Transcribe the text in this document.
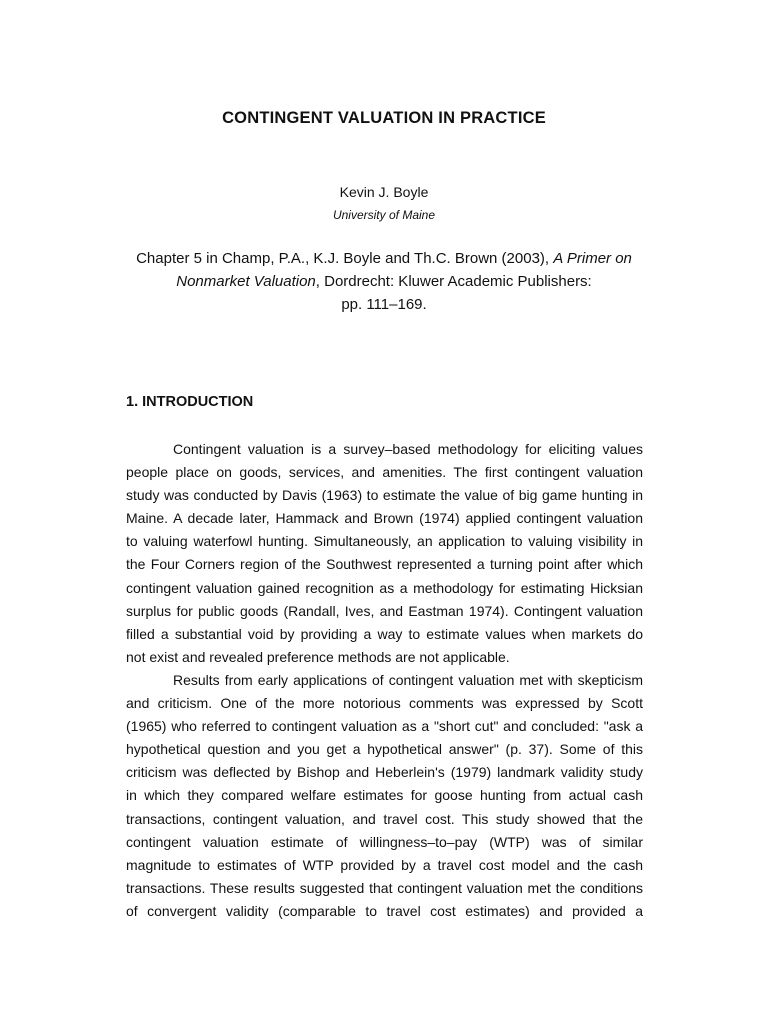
CONTINGENT VALUATION IN PRACTICE
Kevin J. Boyle
University of Maine
Chapter 5 in Champ, P.A., K.J. Boyle and Th.C. Brown (2003), A Primer on
Nonmarket Valuation, Dordrecht: Kluwer Academic Publishers:
pp. 111–169.
1. INTRODUCTION
Contingent valuation is a survey–based methodology for eliciting values
people place on goods, services, and amenities. The first contingent valuation
study was conducted by Davis (1963) to estimate the value of big game hunting in
Maine. A decade later, Hammack and Brown (1974) applied contingent valuation
to valuing waterfowl hunting. Simultaneously, an application to valuing visibility in
the Four Corners region of the Southwest represented a turning point after which
contingent valuation gained recognition as a methodology for estimating Hicksian
surplus for public goods (Randall, Ives, and Eastman 1974). Contingent valuation
filled a substantial void by providing a way to estimate values when markets do
not exist and revealed preference methods are not applicable.
Results from early applications of contingent valuation met with skepticism
and criticism. One of the more notorious comments was expressed by Scott
(1965) who referred to contingent valuation as a "short cut" and concluded: "ask a
hypothetical question and you get a hypothetical answer" (p. 37). Some of this
criticism was deflected by Bishop and Heberlein's (1979) landmark validity study
in which they compared welfare estimates for goose hunting from actual cash
transactions, contingent valuation, and travel cost. This study showed that the
contingent valuation estimate of willingness–to–pay (WTP) was of similar
magnitude to estimates of WTP provided by a travel cost model and the cash
transactions. These results suggested that contingent valuation met the conditions
of convergent validity (comparable to travel cost estimates) and provided a
